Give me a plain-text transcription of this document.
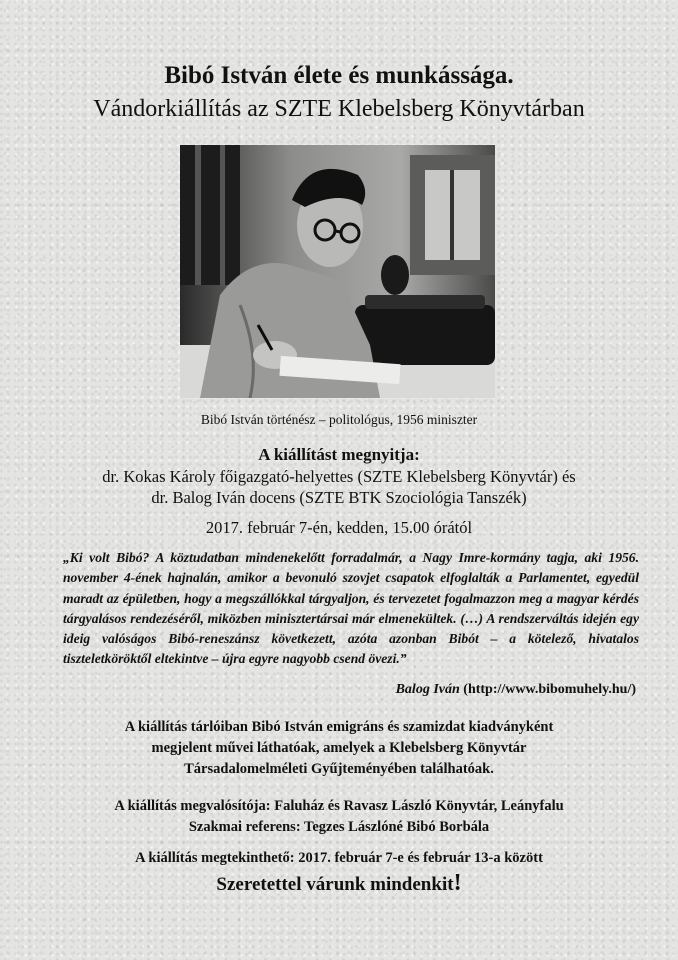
Bibó István élete és munkássága.
Vándorkiállítás az SZTE Klebelsberg Könyvtárban
Bibó István történész – politológus, 1956 miniszter
A kiállítást megnyitja:
dr. Kokas Károly főigazgató-helyettes (SZTE Klebelsberg Könyvtár) és
dr. Balog Iván docens (SZTE BTK Szociológia Tanszék)
2017. február 7-én, kedden, 15.00 órától
„Ki volt Bibó? A köztudatban mindenekelőtt forradalmár, a Nagy Imre-kormány tagja, aki 1956. november 4-ének hajnalán, amikor a bevonuló szovjet csapatok elfoglalták a Parlamentet, egyedül maradt az épületben, hogy a megszállókkal tárgyaljon, és tervezetet fogalmazzon meg a magyar kérdés tárgyalásos rendezéséről, miközben minisztertársai már elmenekültek. (…) A rendszerváltás idején egy ideig valóságos Bibó-reneszánsz következett, azóta azonban Bibót – a kötelező, hivatalos tiszteletköröktől eltekintve – újra egyre nagyobb csend övezi.”
Balog Iván (http://www.bibomuhely.hu/)
A kiállítás tárlóiban Bibó István emigráns és szamizdat kiadványként
megjelent művei láthatóak, amelyek a Klebelsberg Könyvtár
Társadalomelméleti Gyűjteményében találhatóak.
A kiállítás megvalósítója: Faluház és Ravasz László Könyvtár, Leányfalu
Szakmai referens: Tegzes Lászlóné Bibó Borbála
A kiállítás megtekinthető: 2017. február 7-e és február 13-a között
Szeretettel várunk mindenkit!
